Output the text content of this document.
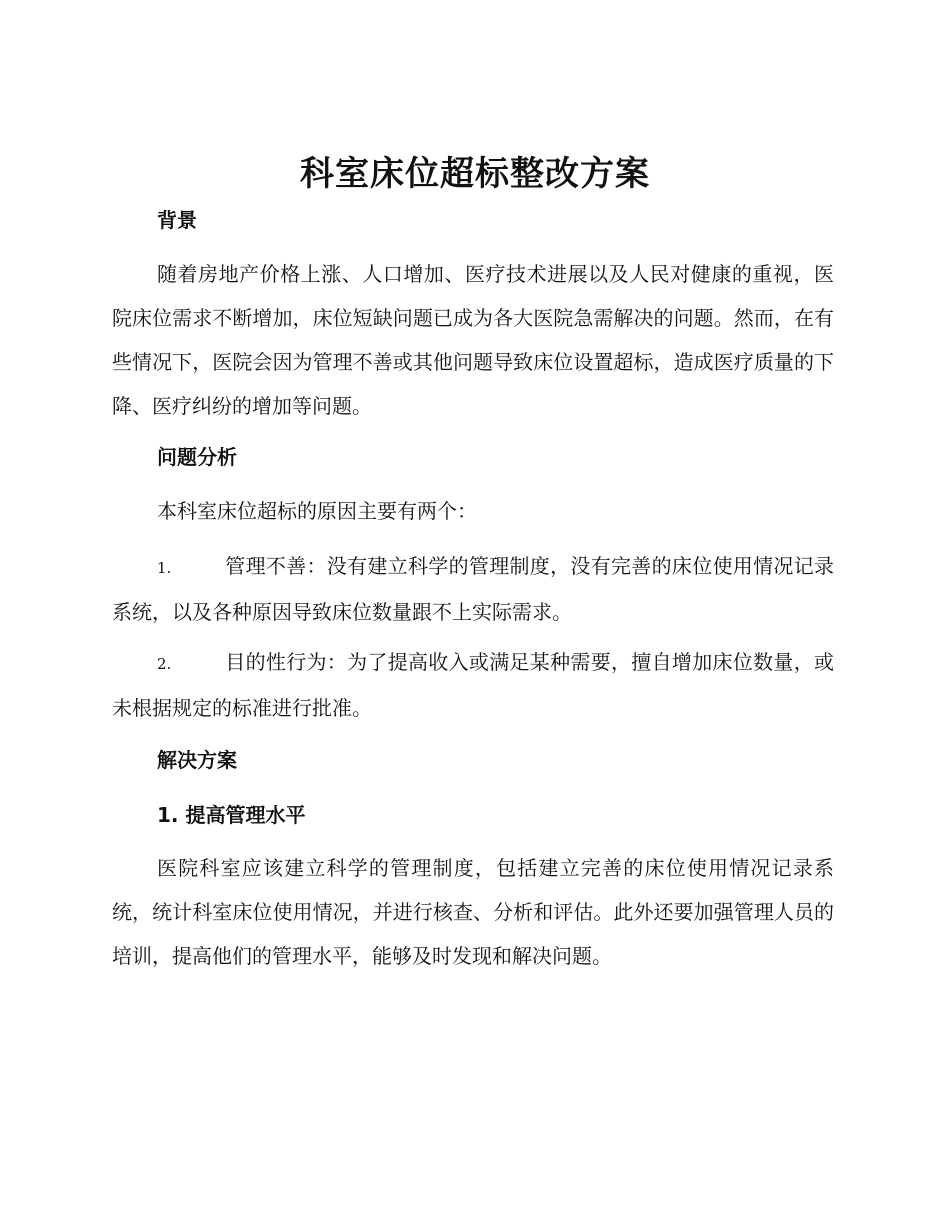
科室床位超标整改方案
背景

随着房地产价格上涨、人口增加、医疗技术进展以及人民对健康的重视，医院床位需求不断增加，床位短缺问题已成为各大医院急需解决的问题。然而，在有些情况下，医院会因为管理不善或其他问题导致床位设置超标，造成医疗质量的下降、医疗纠纷的增加等问题。

问题分析

本科室床位超标的原因主要有两个：

1.	管理不善：没有建立科学的管理制度，没有完善的床位使用情况记录系统，以及各种原因导致床位数量跟不上实际需求。

2.	目的性行为：为了提高收入或满足某种需要，擅自增加床位数量，或未根据规定的标准进行批准。

解决方案
1. 提高管理水平

医院科室应该建立科学的管理制度，包括建立完善的床位使用情况记录系统，统计科室床位使用情况，并进行核查、分析和评估。此外还要加强管理人员的培训，提高他们的管理水平，能够及时发现和解决问题。
